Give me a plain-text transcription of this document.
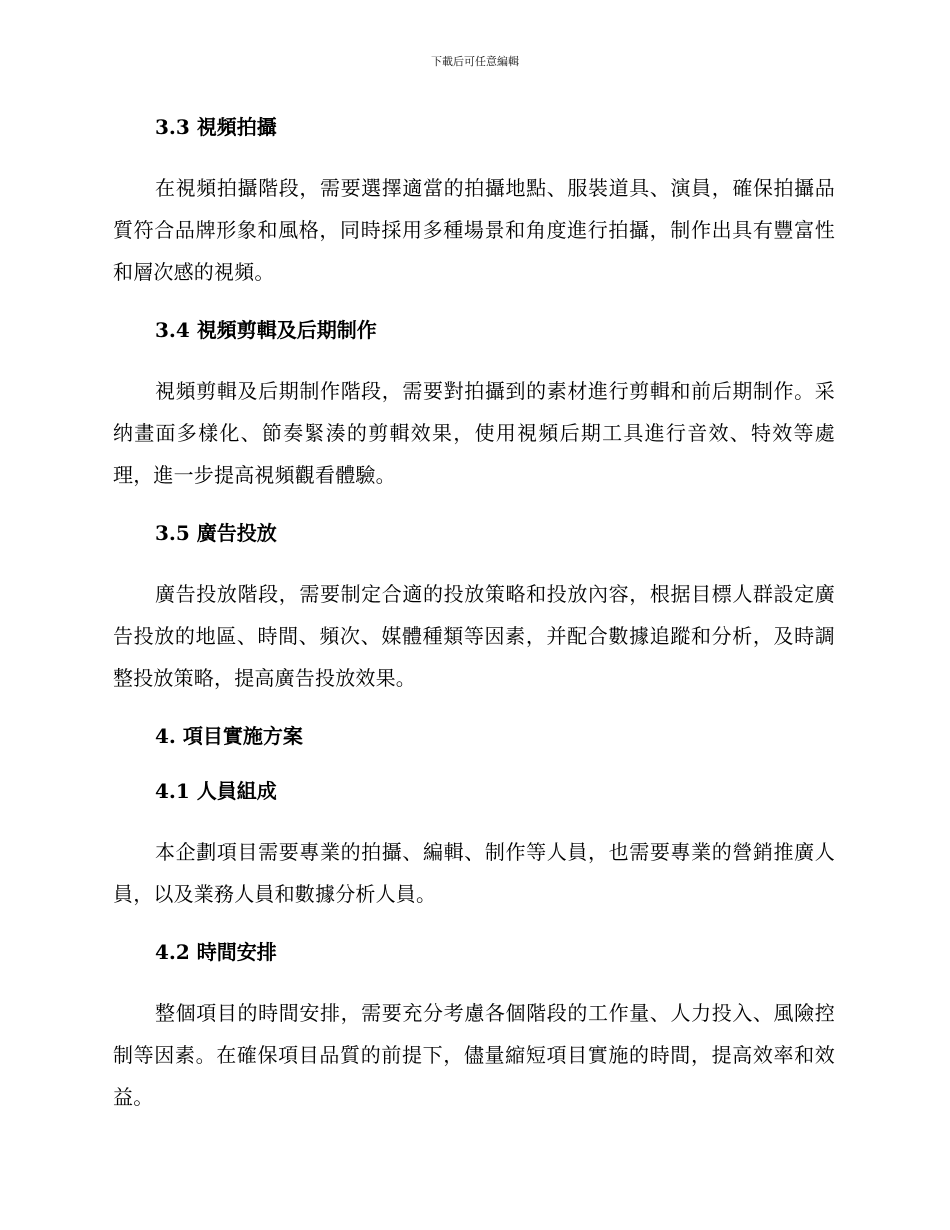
下載后可任意編輯
3.3 視頻拍攝

在視頻拍攝階段，需要選擇適當的拍攝地點、服裝道具、演員，確保拍攝品質符合品牌形象和風格，同時採用多種場景和角度進行拍攝，制作出具有豐富性和層次感的視頻。

3.4 視頻剪輯及后期制作

視頻剪輯及后期制作階段，需要對拍攝到的素材進行剪輯和前后期制作。采纳畫面多樣化、節奏緊湊的剪輯效果，使用視頻后期工具進行音效、特效等處理，進一步提高視頻觀看體驗。

3.5 廣告投放

廣告投放階段，需要制定合適的投放策略和投放內容，根据目標人群設定廣告投放的地區、時間、頻次、媒體種類等因素，并配合數據追蹤和分析，及時調整投放策略，提高廣告投放效果。

4. 項目實施方案
4.1 人員組成

本企劃項目需要專業的拍攝、編輯、制作等人員，也需要專業的營銷推廣人員，以及業務人員和數據分析人員。

4.2 時間安排

整個項目的時間安排，需要充分考慮各個階段的工作量、人力投入、風險控制等因素。在確保項目品質的前提下，儘量縮短項目實施的時間，提高效率和效益。
